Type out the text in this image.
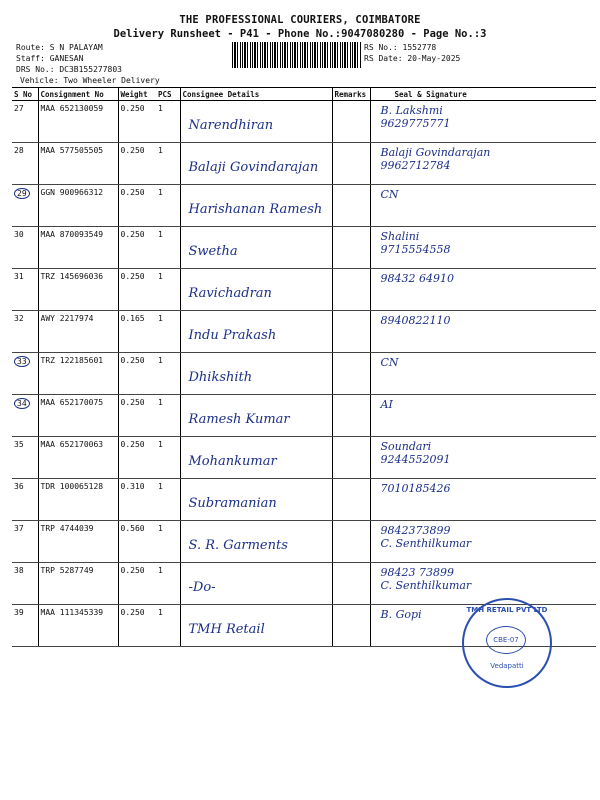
THE PROFESSIONAL COURIERS, COIMBATORE
Delivery Runsheet - P41 - Phone No.:9047080280 - Page No.:3
Route: S N PALAYAM
Staff: GANESAN
DRS No.: DC3B155277803
Vehicle: Two Wheeler Delivery
RS No.: 1552778
RS Date: 20-May-2025
S No	Consignment No	Weight	PCS	Consignee Details	Remarks	Seal & Signature
27	MAA 652130059	0.250	1	Narendhiran		B. Lakshmi
9629775771

28	MAA 577505505	0.250	1	Balaji Govindarajan		Balaji Govindarajan
9962712784

29	GGN 900966312	0.250	1	Harishanan Ramesh		CN

30	MAA 870093549	0.250	1	Swetha		Shalini
9715554558

31	TRZ 145696036	0.250	1	Ravichadran		98432 64910

32	AWY 2217974	0.165	1	Indu Prakash		8940822110

33	TRZ 122185601	0.250	1	Dhikshith		CN

34	MAA 652170075	0.250	1	Ramesh Kumar		AI

35	MAA 652170063	0.250	1	Mohankumar		Soundari
9244552091

36	TDR 100065128	0.310	1	Subramanian		7010185426

37	TRP 4744039	0.560	1	S. R. Garments		9842373899
C. Senthilkumar

38	TRP 5287749	0.250	1	-Do-		98423 73899
C. Senthilkumar

39	MAA 111345339	0.250	1	TMH Retail		B. Gopi	TMH RETAIL PVT LTD
CBE-07
Vedapatti
